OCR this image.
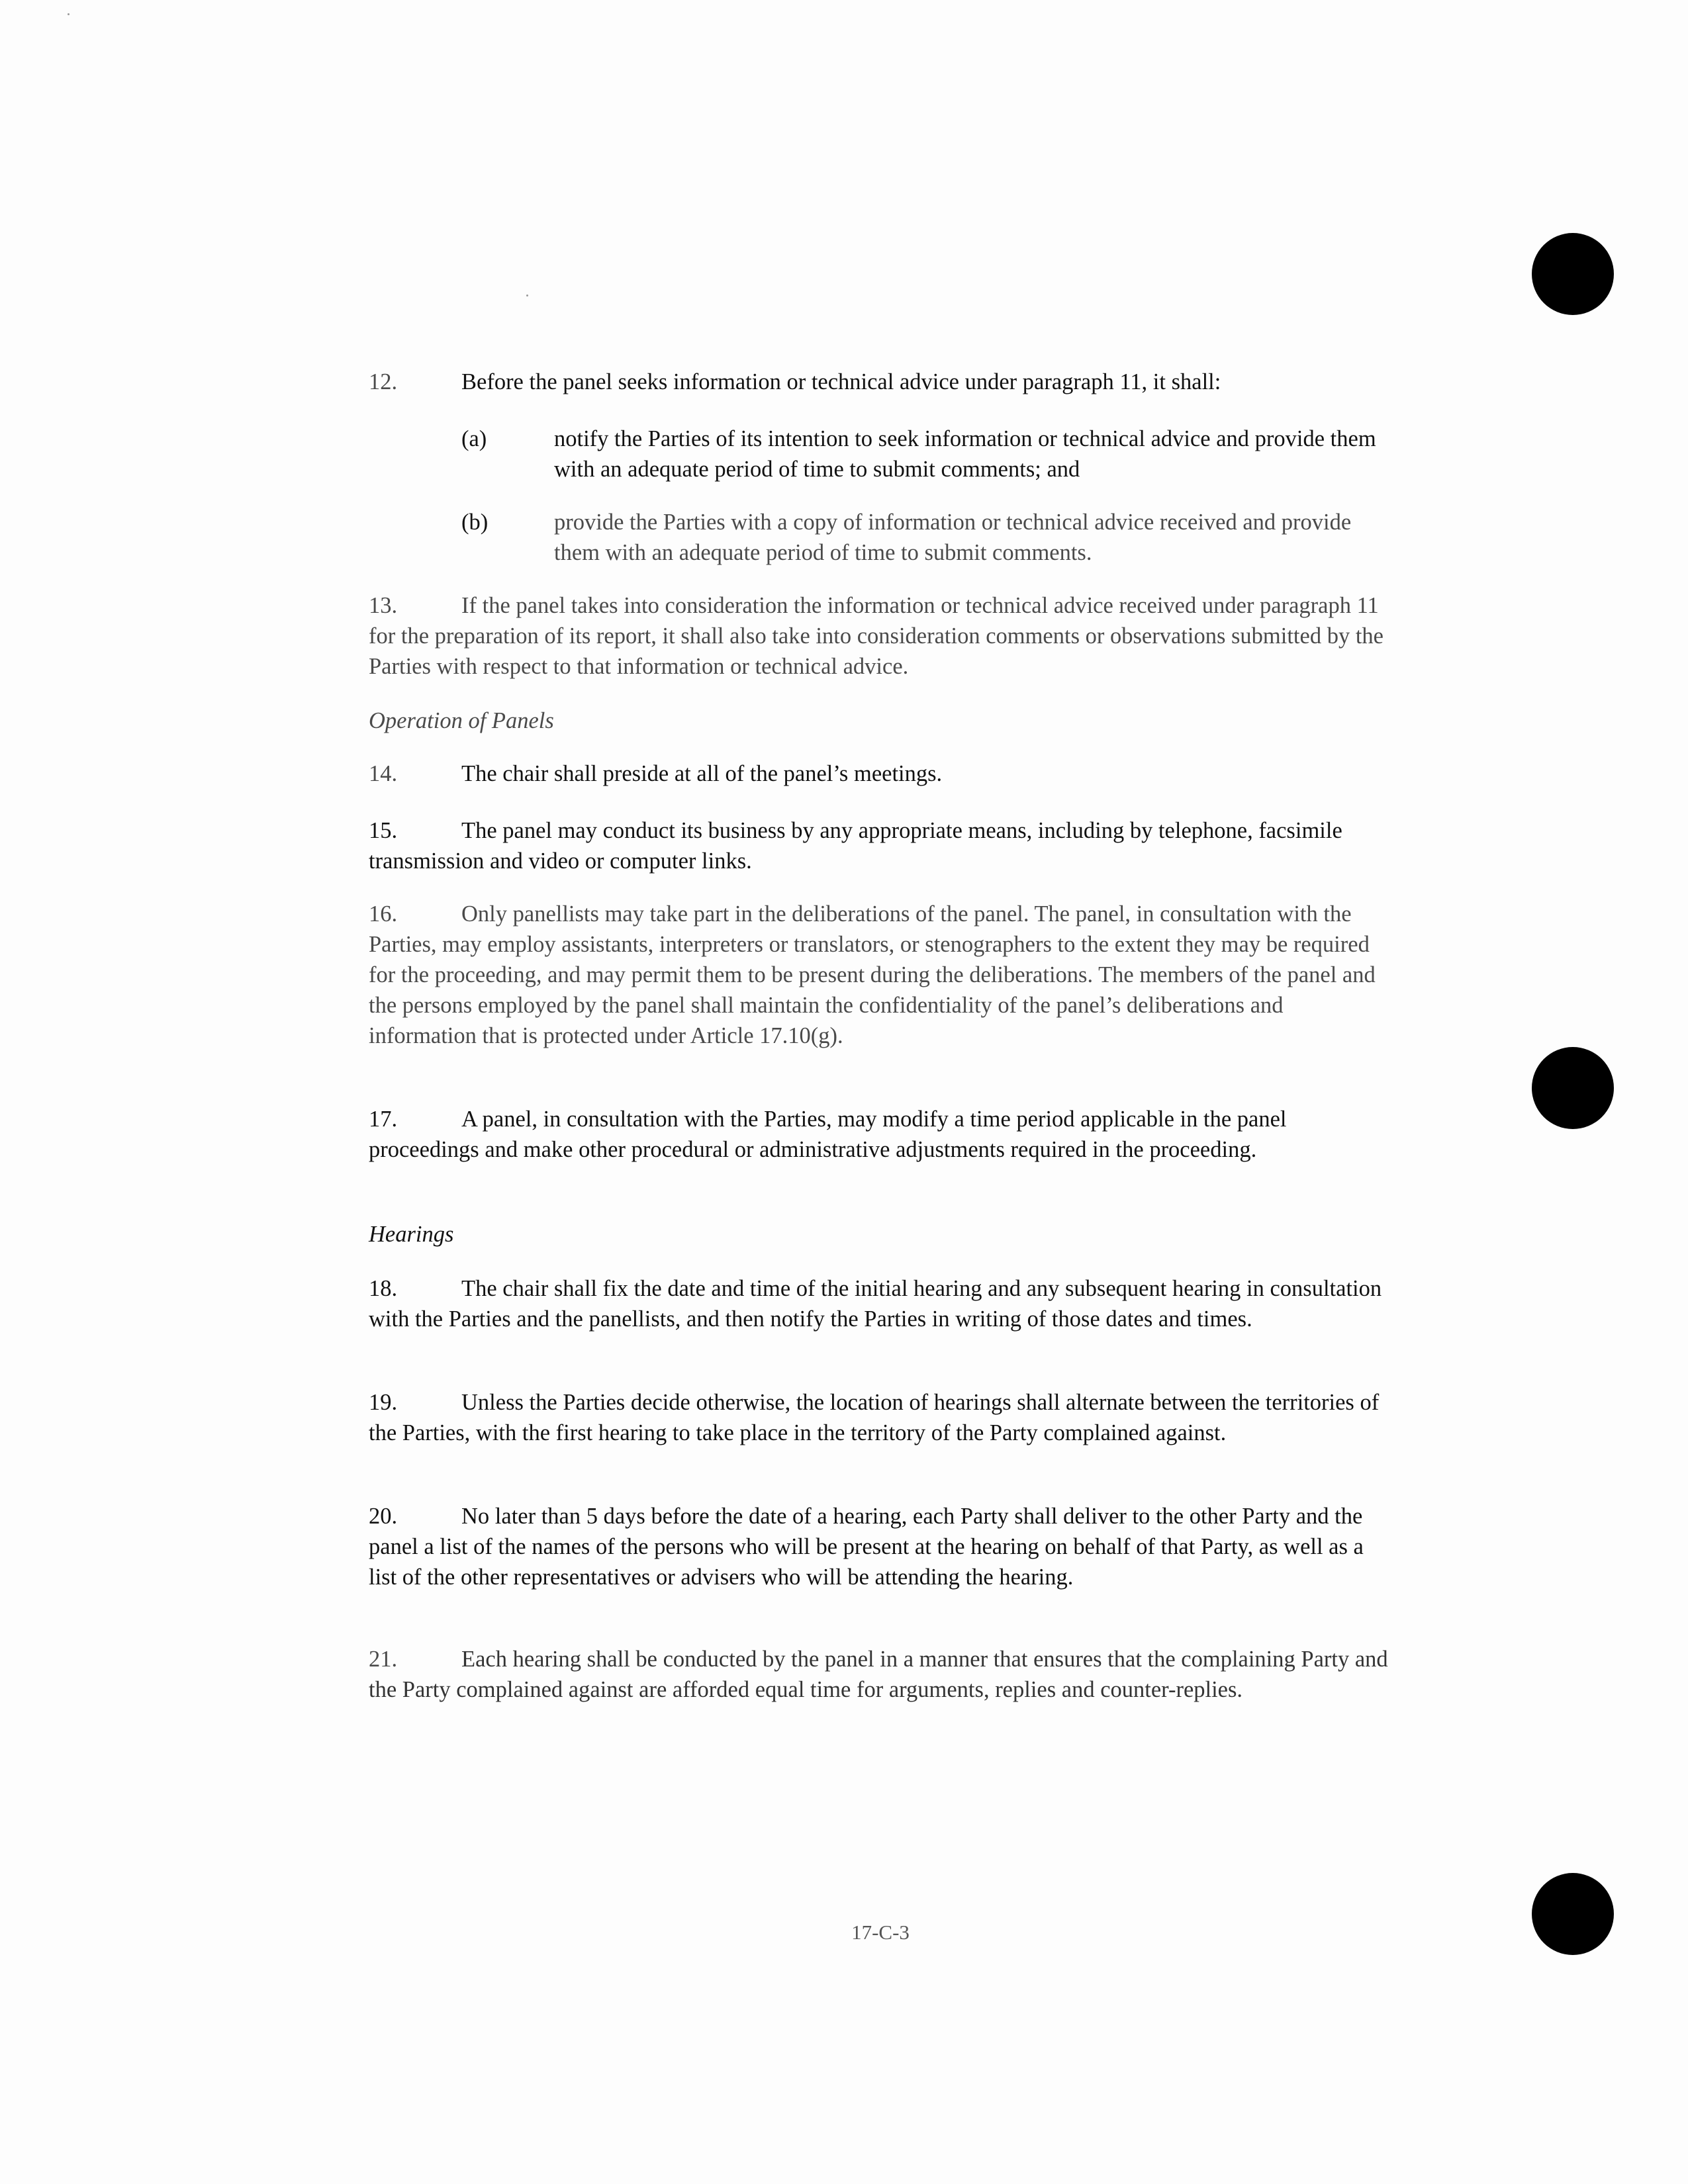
12.	Before the panel seeks information or technical advice under paragraph 11, it shall:

(a)	notify the Parties of its intention to seek information or technical advice and provide them with an adequate period of time to submit comments; and
(b)	provide the Parties with a copy of information or technical advice received and provide them with an adequate period of time to submit comments.

13.	If the panel takes into consideration the information or technical advice received under paragraph 11 for the preparation of its report, it shall also take into consideration comments or observations submitted by the Parties with respect to that information or technical advice.

Operation of Panels

14.	The chair shall preside at all of the panel’s meetings.

15.	The panel may conduct its business by any appropriate means, including by telephone, facsimile transmission and video or computer links.

16.	Only panellists may take part in the deliberations of the panel. The panel, in consultation with the Parties, may employ assistants, interpreters or translators, or stenographers to the extent they may be required for the proceeding, and may permit them to be present during the deliberations. The members of the panel and the persons employed by the panel shall maintain the confidentiality of the panel’s deliberations and information that is protected under Article 17.10(g).

17.	A panel, in consultation with the Parties, may modify a time period applicable in the panel proceedings and make other procedural or administrative adjustments required in the proceeding.

Hearings

18.	The chair shall fix the date and time of the initial hearing and any subsequent hearing in consultation with the Parties and the panellists, and then notify the Parties in writing of those dates and times.

19.	Unless the Parties decide otherwise, the location of hearings shall alternate between the territories of the Parties, with the first hearing to take place in the territory of the Party complained against.

20.	No later than 5 days before the date of a hearing, each Party shall deliver to the other Party and the panel a list of the names of the persons who will be present at the hearing on behalf of that Party, as well as a list of the other representatives or advisers who will be attending the hearing.

21.	Each hearing shall be conducted by the panel in a manner that ensures that the complaining Party and the Party complained against are afforded equal time for arguments, replies and counter-replies.

17-C-3
